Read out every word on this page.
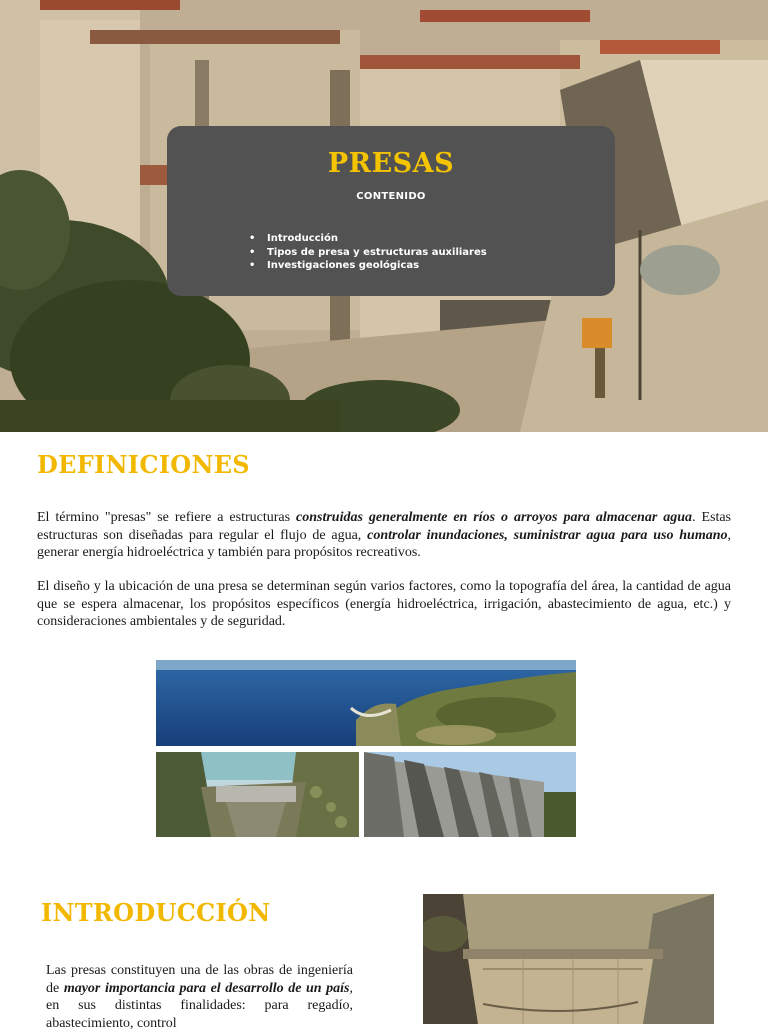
PRESAS
CONTENIDO
• Introducción
• Tipos de presa y estructuras auxiliares
• Investigaciones geológicas
DEFINICIONES

El término "presas" se refiere a estructuras construidas generalmente en ríos o arroyos para almacenar agua. Estas estructuras son diseñadas para regular el flujo de agua, controlar inundaciones, suministrar agua para uso humano, generar energía hidroeléctrica y también para propósitos recreativos.

El diseño y la ubicación de una presa se determinan según varios factores, como la topografía del área, la cantidad de agua que se espera almacenar, los propósitos específicos (energía hidroeléctrica, irrigación, abastecimiento de agua, etc.) y consideraciones ambientales y de seguridad.

INTRODUCCIÓN

Las presas constituyen una de las obras de ingeniería de mayor importancia para el desarrollo de un país, en sus distintas finalidades: para regadío, abastecimiento, control
